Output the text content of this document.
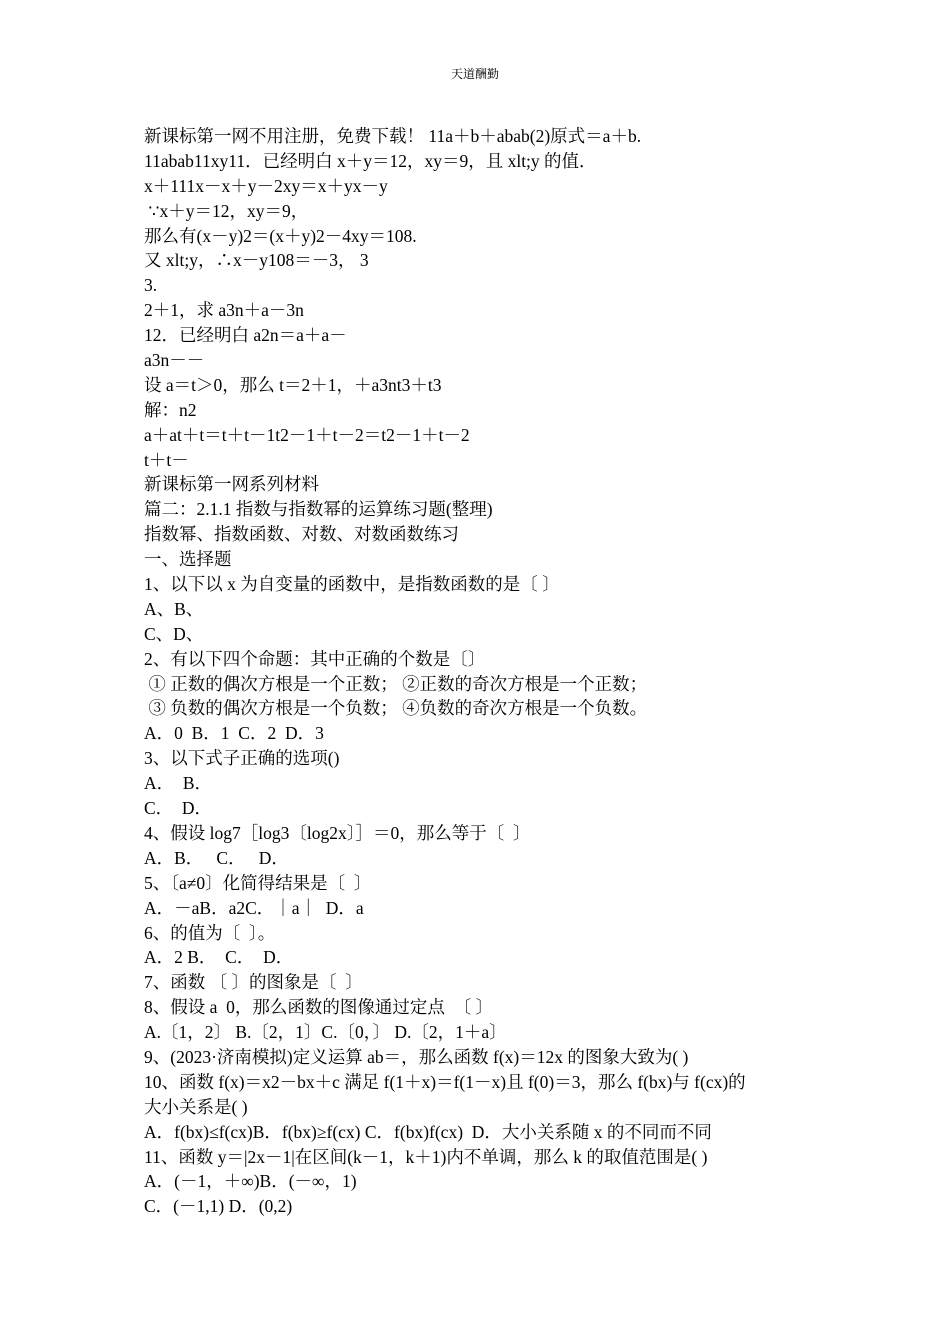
天道酬勤
新课标第一网不用注册，免费下载！ 11a＋b＋abab(2)原式＝a＋b.
11abab11xy11．已经明白 x＋y＝12，xy＝9，且 xlt;y 的值．
x＋111x－x＋y－2xy＝x＋yx－y
∵x＋y＝12，xy＝9，
那么有(x－y)2＝(x＋y)2－4xy＝108.
又 xlt;y，∴x－y108＝－3， 3
3.
2＋1，求 a3n＋a－3n
12．已经明白 a2n＝a＋a－
a3n－－
设 a＝t＞0，那么 t＝2＋1，＋a3nt3＋t3
解：n2
a＋at＋t＝t＋t－1t2－1＋t－2＝t2－1＋t－2
t＋t－
新课标第一网系列材料
篇二：2.1.1 指数与指数幂的运算练习题(整理)
指数幂、指数函数、对数、对数函数练习
一、选择题
1、以下以 x 为自变量的函数中，是指数函数的是〔 〕
A、B、
C、D、
2、有以下四个命题：其中正确的个数是〔〕
① 正数的偶次方根是一个正数； ②正数的奇次方根是一个正数；
③ 负数的偶次方根是一个负数； ④负数的奇次方根是一个负数。
A．0  B．1  C．2  D．3
3、以下式子正确的选项()
A．  B．
C．  D．
4、假设 log7［log3〔log2x〕］＝0，那么等于〔  〕
A．B．   C．   D．
5、〔a≠0〕化简得结果是〔  〕
A．－aB．a2C．｜a｜  D．a
6、的值为〔  〕。
A．2 B．  C．  D．
7、函数 〔 〕的图象是〔  〕
8、假设 a  0，那么函数的图像通过定点  〔 〕
A.〔1，2〕 B.〔2，1〕C.〔0，〕 D.〔2，1＋a〕
9、(2023·济南模拟)定义运算 ab＝，那么函数 f(x)＝12x 的图象大致为( )
10、函数 f(x)＝x2－bx＋c 满足 f(1＋x)＝f(1－x)且 f(0)＝3，那么 f(bx)与 f(cx)的
大小关系是( )
A．f(bx)≤f(cx)B．f(bx)≥f(cx) C．f(bx)f(cx)  D．大小关系随 x 的不同而不同
11、函数 y＝|2x－1|在区间(k－1，k＋1)内不单调，那么 k 的取值范围是( )
A．(－1，＋∞)B．(－∞，1)
C．(－1,1) D．(0,2)
